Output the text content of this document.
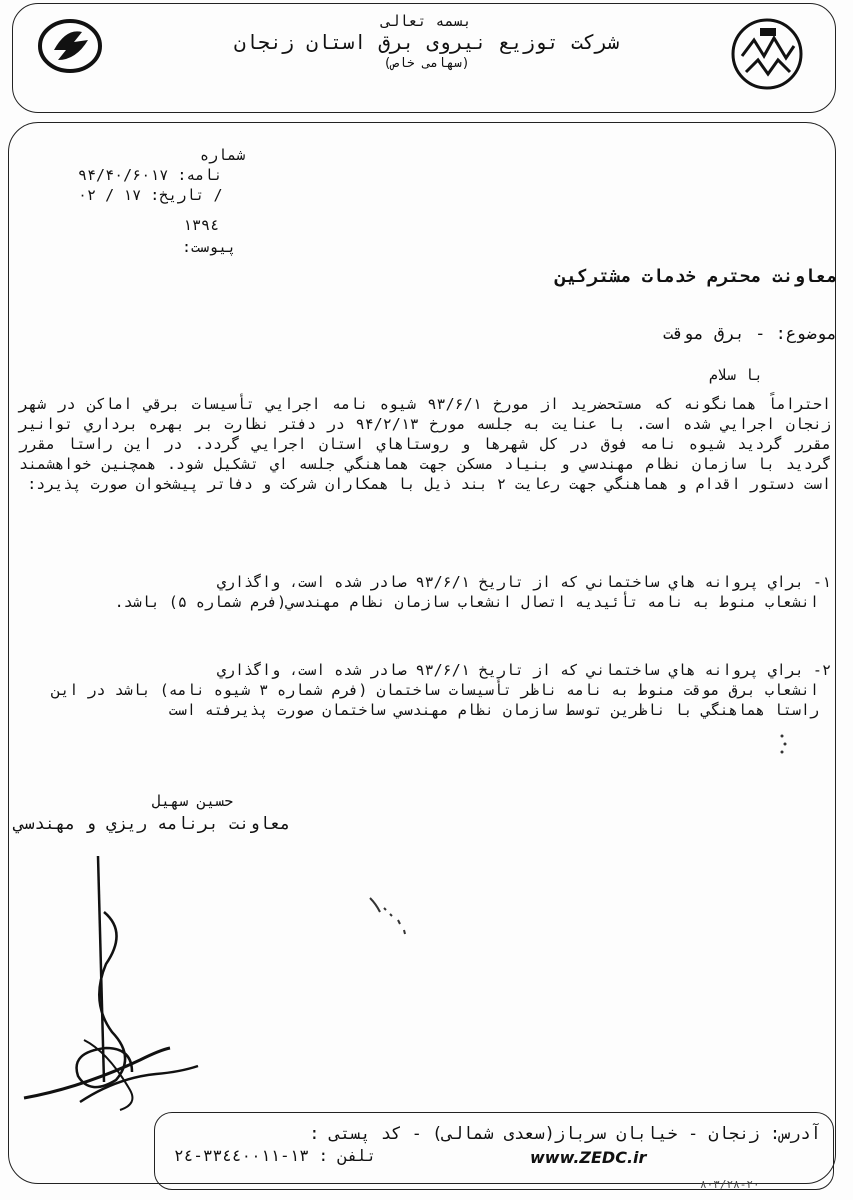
بسمه تعالی
شرکت توزیع نیروی برق استان زنجان
(سهامی خاص)
شماره
نامه: ۹۴/۴۰/۶۰۱۷
تاریخ: ۱۷ / ۰۲ /
۱۳۹٤
پیوست:
معاونت محترم خدمات مشترکین
موضوع: - برق موقت
با سلام
احتراماً همانگونه که مستحضرید از مورخ ۹۳/۶/۱ شیوه نامه اجرایي تأسیسات برقي اماکن در شهر زنجان اجرایي شده است. با عنایت به جلسه مورخ ۹۴/۲/۱۳ در دفتر نظارت بر بهره برداري توانیر مقرر گردید شیوه نامه فوق در کل شهرها و روستاهاي استان اجرایي گردد. در این راستا مقرر گردید با سازمان نظام مهندسي و بنیاد مسکن جهت هماهنگي جلسه اي تشکیل شود. همچنین خواهشمند است دستور اقدام و هماهنگي جهت رعایت ۲ بند ذیل با همکاران شرکت و دفاتر پیشخوان صورت پذیرد:
۱- براي پروانه هاي ساختماني که از تاریخ ۹۳/۶/۱ صادر شده است، واگذاري
انشعاب منوط به نامه تأئیدیه اتصال انشعاب سازمان نظام مهندسي(فرم شماره ۵) باشد.
۲- براي پروانه هاي ساختماني که از تاریخ ۹۳/۶/۱ صادر شده است، واگذاري
انشعاب برق موقت منوط به نامه ناظر تأسیسات ساختمان (فرم شماره ۳ شیوه نامه) باشد در این راستا هماهنگي با ناظرین توسط سازمان نظام مهندسي ساختمان صورت پذیرفته است
حسين سهيل
معاونت برنامه ریزي و مهندسي
آدرس: زنجان - خیابان سرباز(سعدی شمالی) - کد پستی :
تلفن : ۱۳-۳۳٤٤۰۰۱۱-۲٤	www.ZEDC.ir
۸۰۳/۲۸-۲۰
